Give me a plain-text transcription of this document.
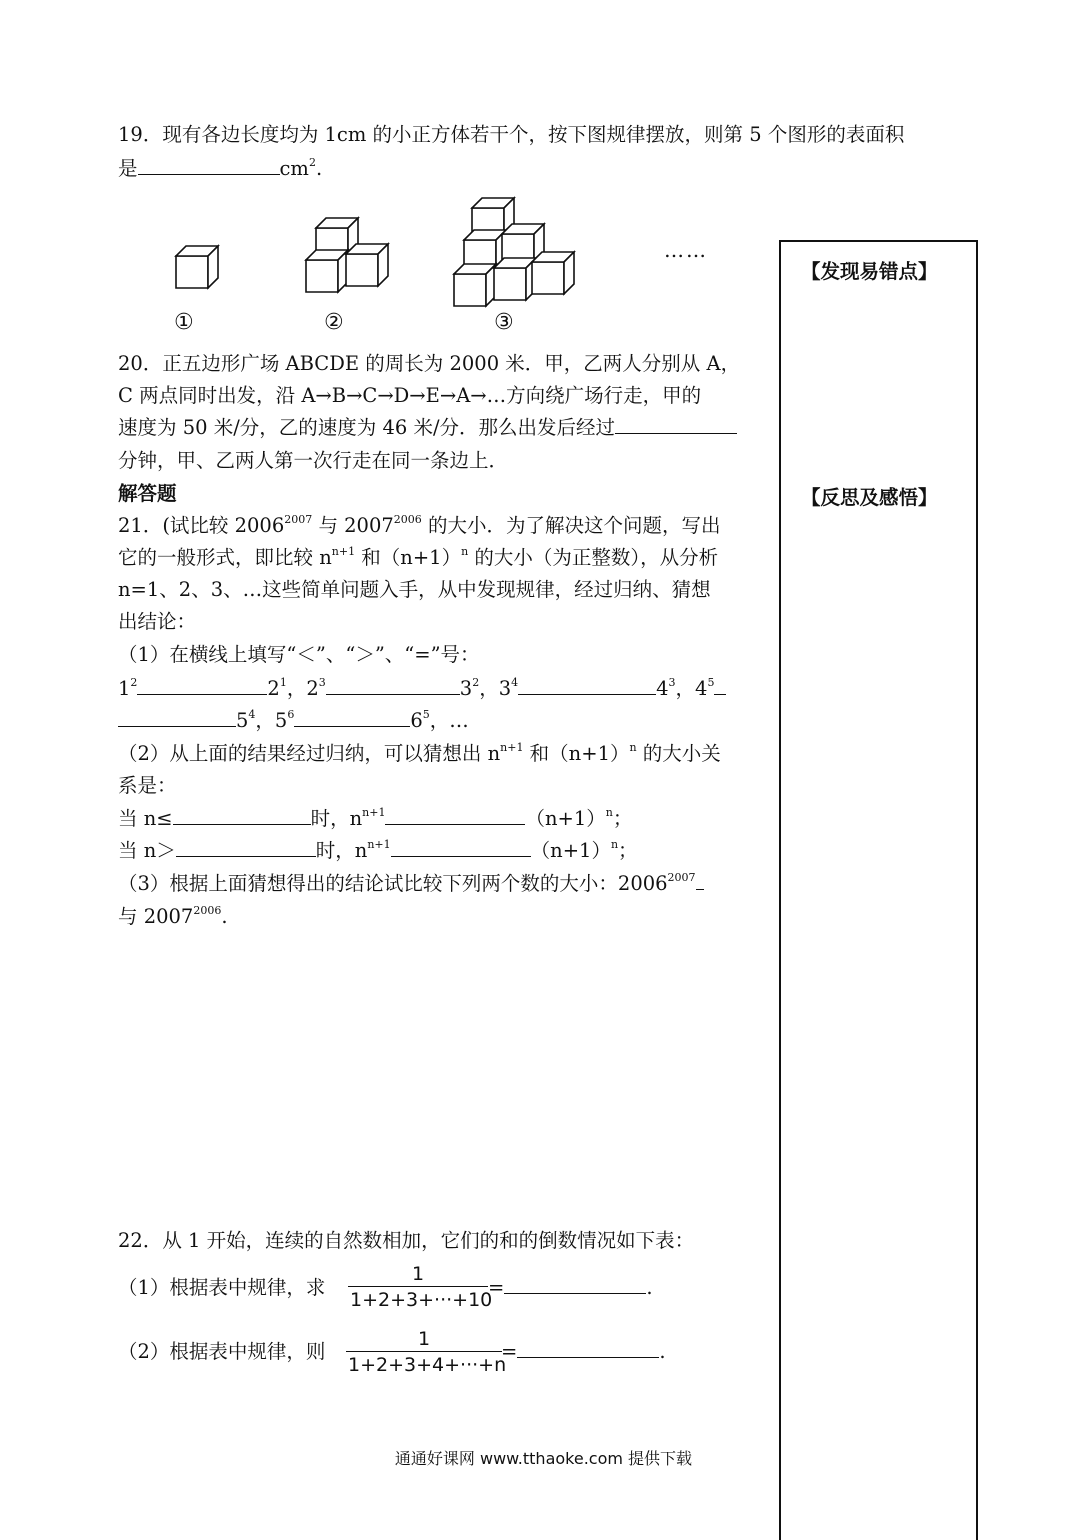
19．现有各边长度均为 1cm 的小正方体若干个，按下图规律摆放，则第 5 个图形的表面积
是	$cm^2$.
①	②	③
……
【发现易错点】
【反思及感悟】
20．正五边形广场 ABCDE 的周长为 2000 米．甲，乙两人分别从 A，
C 两点同时出发，沿 A→B→C→D→E→A→…方向绕广场行走，甲的
速度为 50 米/分，乙的速度为 46 米/分．那么出发后经过
分钟，甲、乙两人第一次行走在同一条边上．
解答题
21．(试比较 $2006^{2007}$ 与 $2007^{2006}$ 的大小．为了解决这个问题，写出
它的一般形式，即比较 $n^{n+1}$ 和$(n+1)^n$ 的大小（为正整数），从分析
n=1、2、3、…这些简单问题入手，从中发现规律，经过归纳、猜想
出结论：
（1）在横线上填写“＜”、“＞”、“=”号：
$1^2$	$2^1$，$2^3$	$3^2$，$3^4$	$4^3$，$4^5$
$5^4$，$5^6$	$6^5$，…
（2）从上面的结果经过归纳，可以猜想出 $n^{n+1}$ 和$(n+1)^n$ 的大小关
系是：
当 n≤	时，$n^{n+1}$	$(n+1)^n$；
当 n＞	时，$n^{n+1}$	$(n+1)^n$；
（3）根据上面猜想得出的结论试比较下列两个数的大小：$2006^{2007}$
与 $2007^{2006}$.
22．从 1 开始，连续的自然数相加，它们的和的倒数情况如下表：
（1）根据表中规律，求 $\frac{1}{1+2+3+\cdot\cdot\cdot+10}$ =	.
（2）根据表中规律，则 $\frac{1}{1+2+3+4+\cdot\cdot\cdot+n}$ =	.
通通好课网 www.tthaoke.com 提供下载
